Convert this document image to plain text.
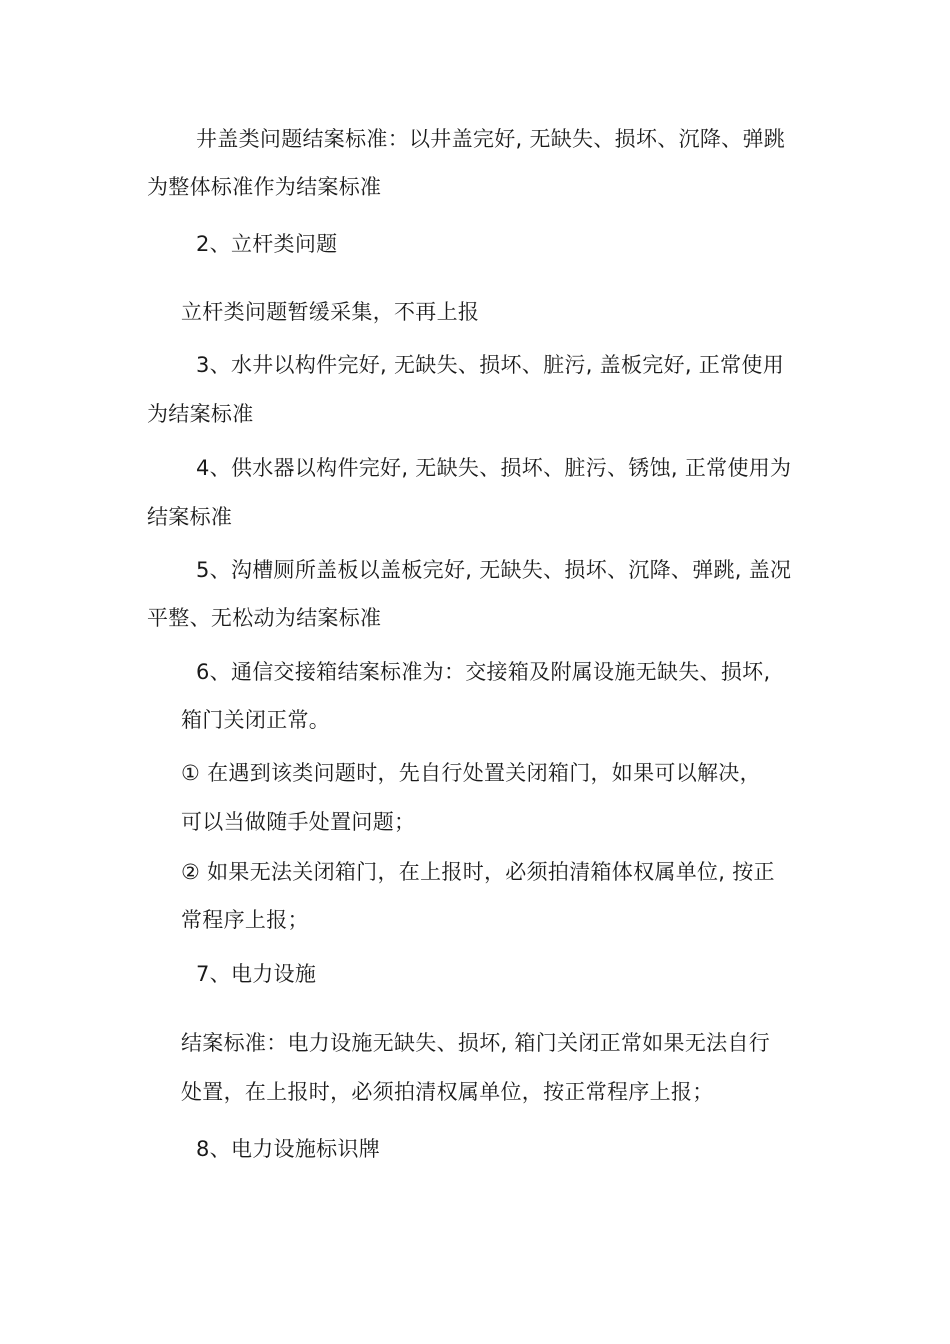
井盖类问题结案标准：以井盖完好, 无缺失、损坏、沉降、弹跳
为整体标准作为结案标准
2、立杆类问题
立杆类问题暂缓采集，不再上报
3、水井以构件完好, 无缺失、损坏、脏污, 盖板完好, 正常使用
为结案标准
4、供水器以构件完好, 无缺失、损坏、脏污、锈蚀, 正常使用为
结案标准
5、沟槽厕所盖板以盖板完好, 无缺失、损坏、沉降、弹跳, 盖况
平整、无松动为结案标准
6、通信交接箱结案标准为：交接箱及附属设施无缺失、损坏,
箱门关闭正常。
① 在遇到该类问题时，先自行处置关闭箱门，如果可以解决，
可以当做随手处置问题；
② 如果无法关闭箱门，在上报时，必须拍清箱体权属单位, 按正
常程序上报；
7、电力设施
结案标准：电力设施无缺失、损坏, 箱门关闭正常如果无法自行
处置，在上报时，必须拍清权属单位，按正常程序上报；
8、电力设施标识牌
